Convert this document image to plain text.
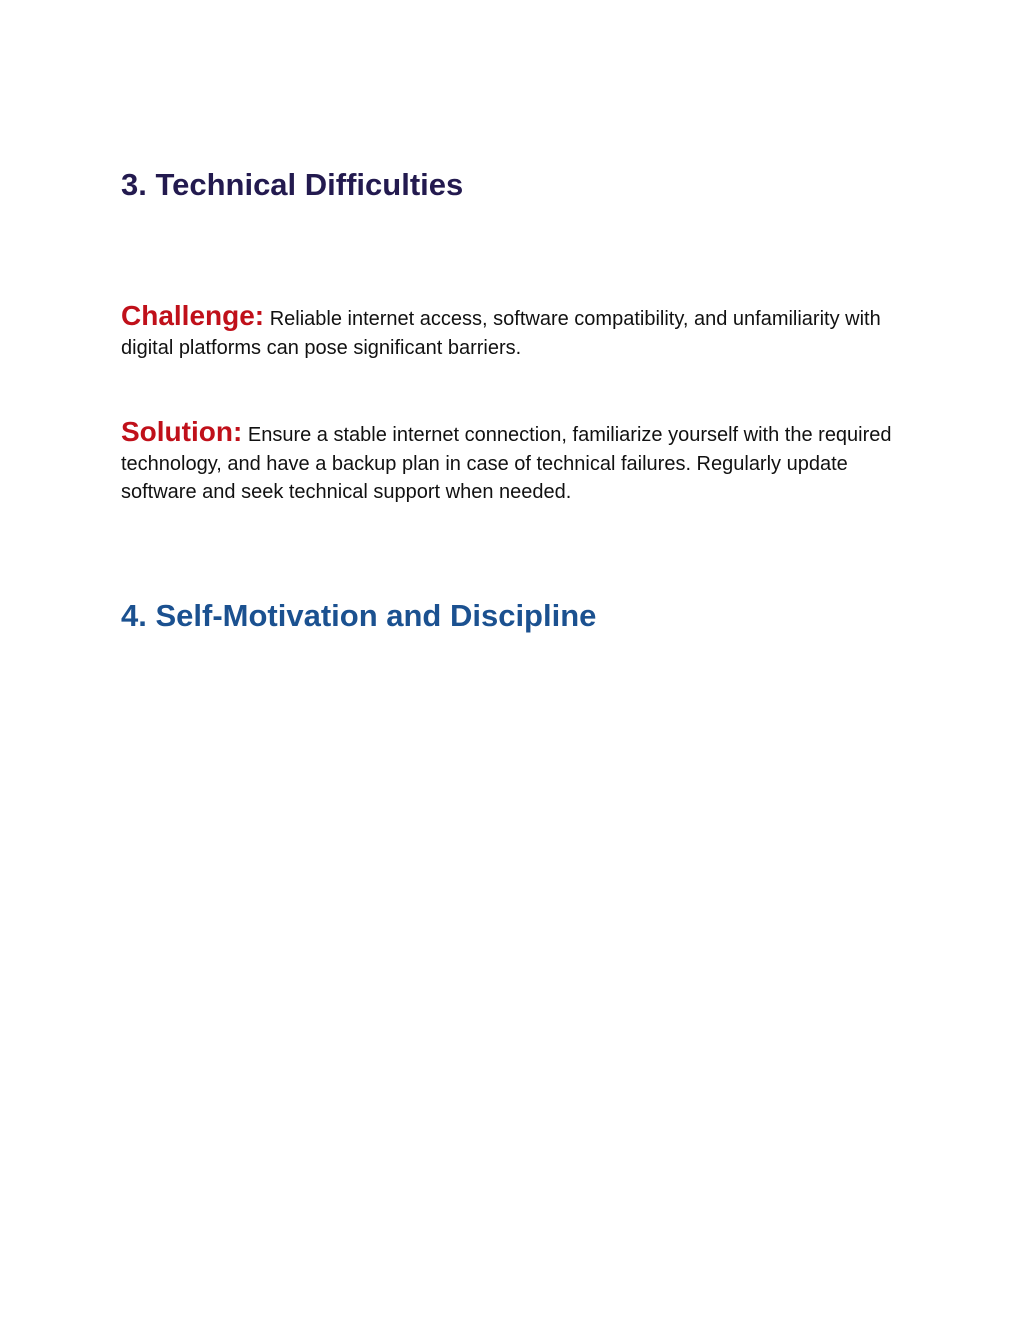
3. Technical Difficulties

Challenge: Reliable internet access, software compatibility, and unfamiliarity with digital platforms can pose significant barriers.

Solution: Ensure a stable internet connection, familiarize yourself with the required technology, and have a backup plan in case of technical failures. Regularly update software and seek technical support when needed.

4. Self-Motivation and Discipline
